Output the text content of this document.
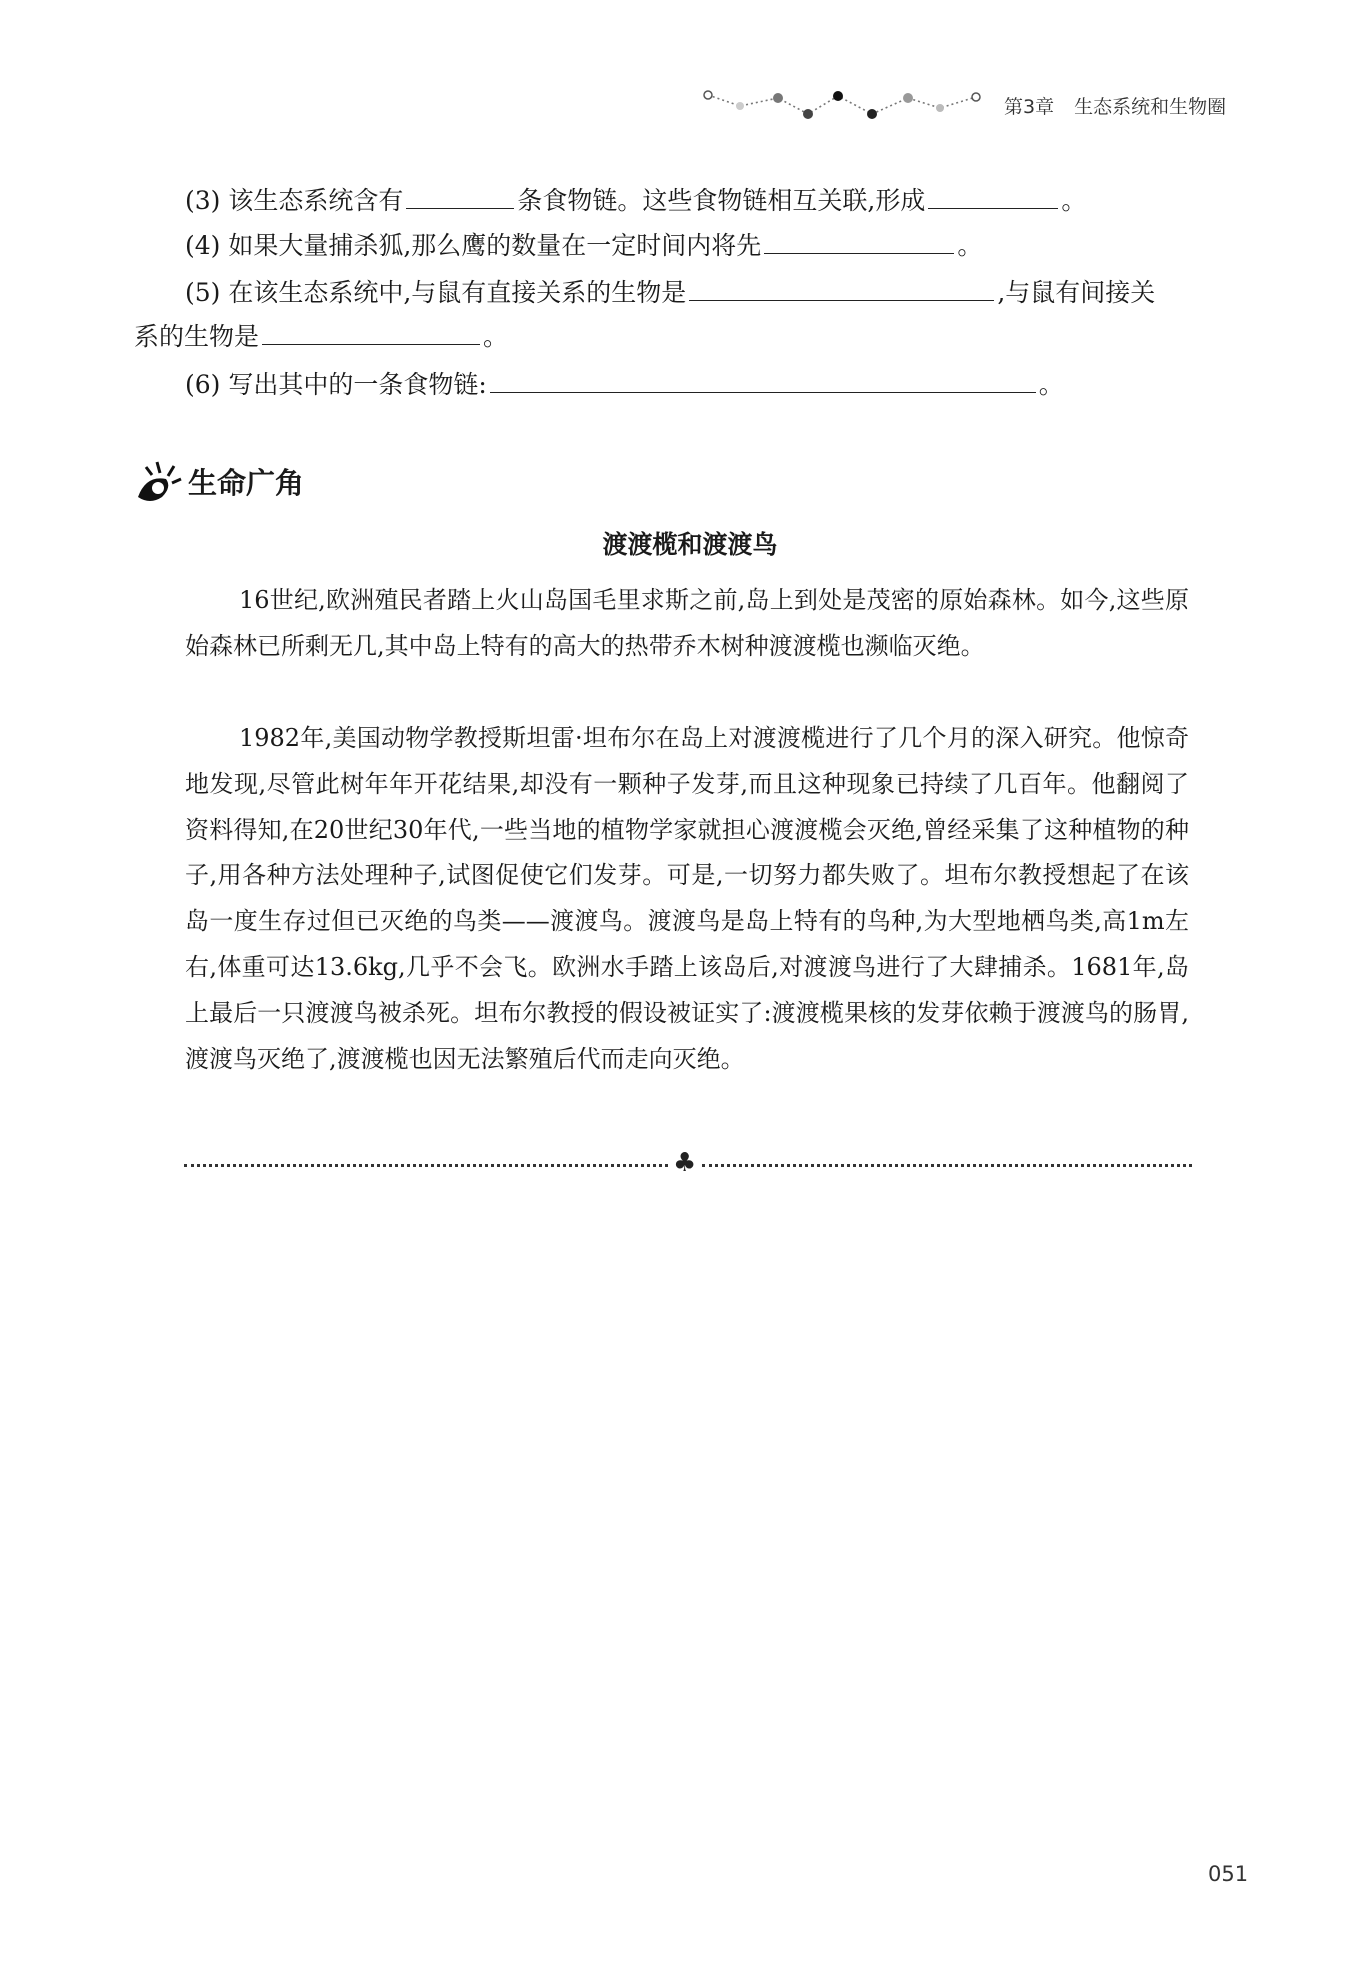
第3章 生态系统和生物圈
(3) 该生态系统含有	条食物链。这些食物链相互关联,形成	。
(4) 如果大量捕杀狐,那么鹰的数量在一定时间内将先	。
(5) 在该生态系统中,与鼠有直接关系的生物是	,与鼠有间接关
系的生物是	。
(6) 写出其中的一条食物链:	。
生命广角
渡渡榄和渡渡鸟

16世纪,欧洲殖民者踏上火山岛国毛里求斯之前,岛上到处是茂密的原始森林。如今,这些原始森林已所剩无几,其中岛上特有的高大的热带乔木树种渡渡榄也濒临灭绝。

1982年,美国动物学教授斯坦雷·坦布尔在岛上对渡渡榄进行了几个月的深入研究。他惊奇地发现,尽管此树年年开花结果,却没有一颗种子发芽,而且这种现象已持续了几百年。他翻阅了资料得知,在20世纪30年代,一些当地的植物学家就担心渡渡榄会灭绝,曾经采集了这种植物的种子,用各种方法处理种子,试图促使它们发芽。可是,一切努力都失败了。坦布尔教授想起了在该岛一度生存过但已灭绝的鸟类——渡渡鸟。渡渡鸟是岛上特有的鸟种,为大型地栖鸟类,高1m左右,体重可达13.6kg,几乎不会飞。欧洲水手踏上该岛后,对渡渡鸟进行了大肆捕杀。1681年,岛上最后一只渡渡鸟被杀死。坦布尔教授的假设被证实了:渡渡榄果核的发芽依赖于渡渡鸟的肠胃,渡渡鸟灭绝了,渡渡榄也因无法繁殖后代而走向灭绝。

♣
051
